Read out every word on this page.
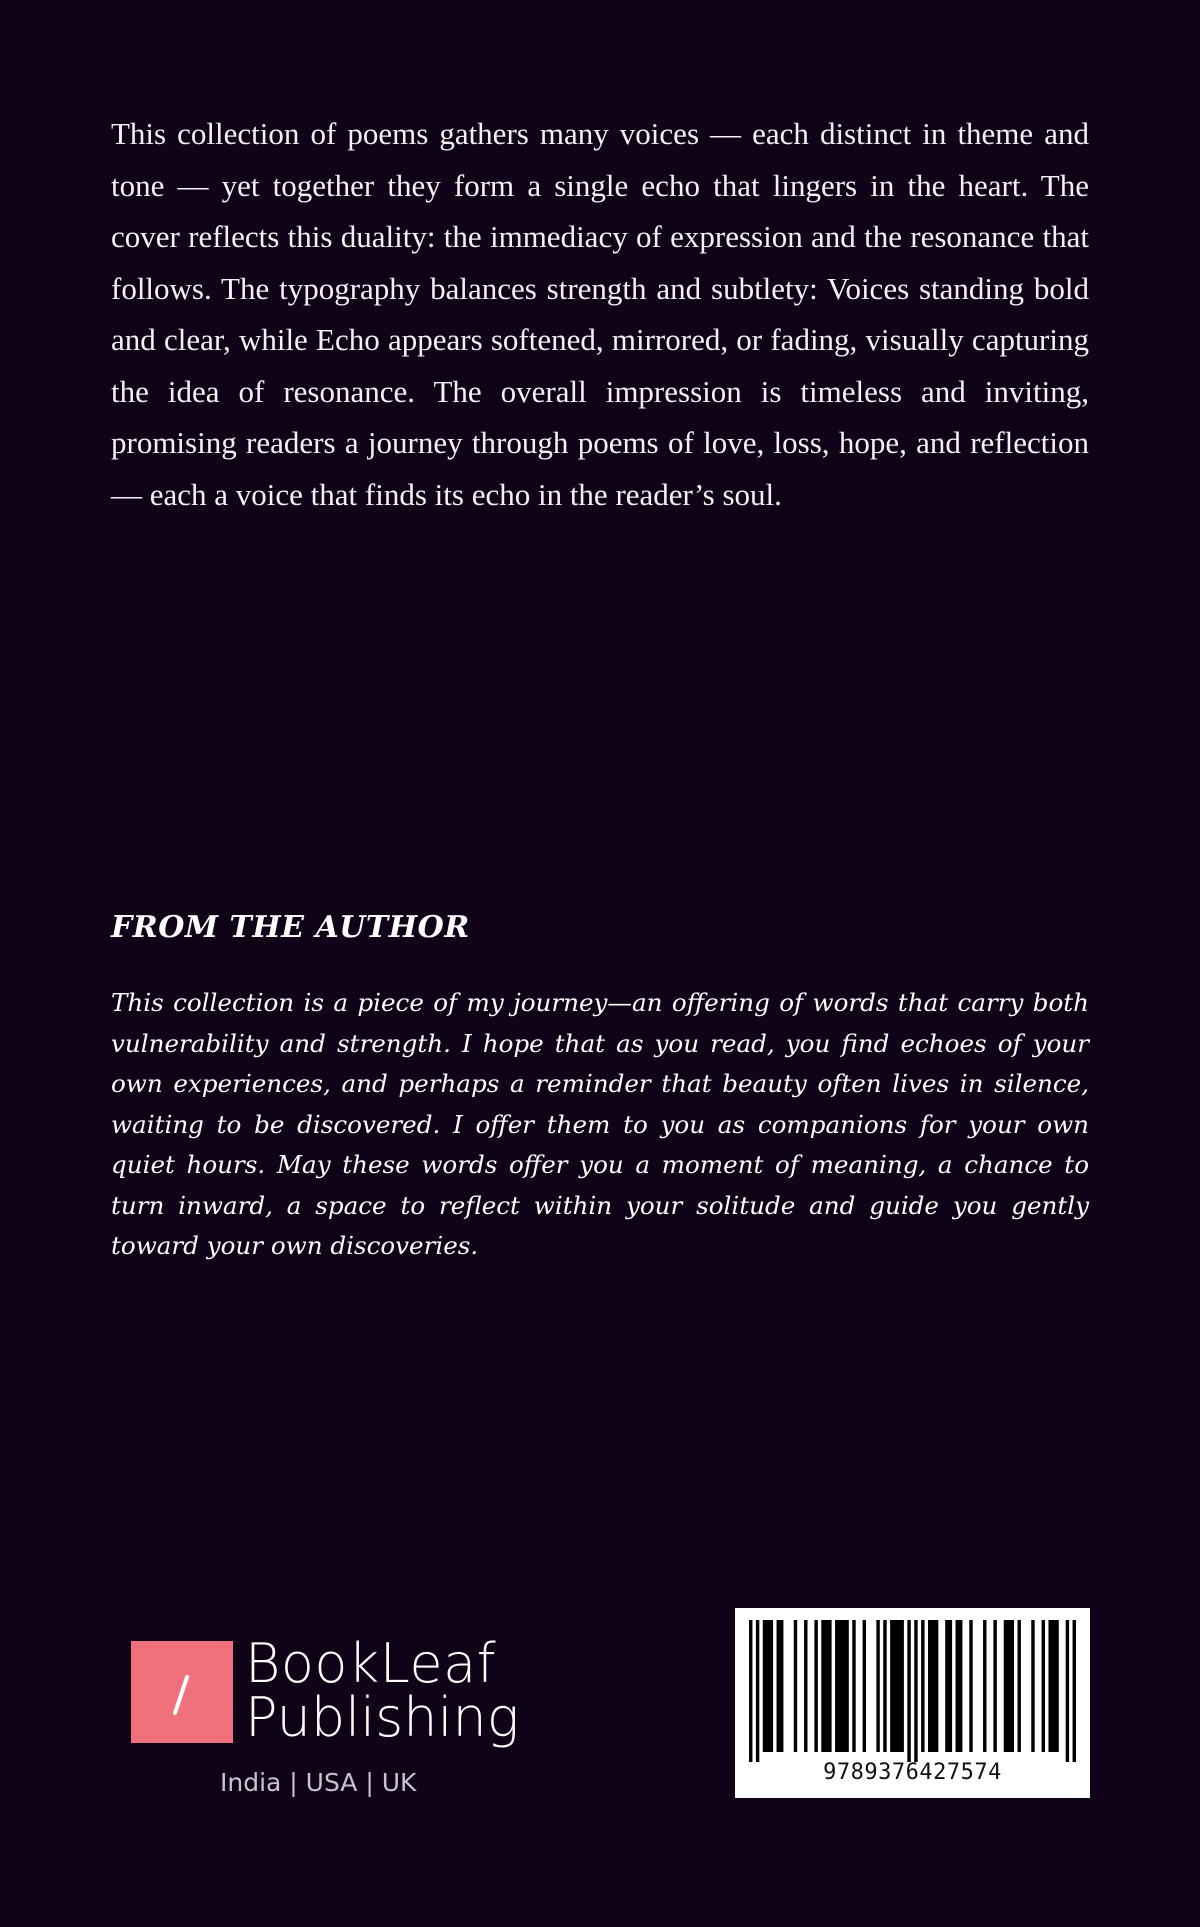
This collection of poems gathers many voices — each distinct in theme and tone — yet together they form a single echo that lingers in the heart. The cover reflects this duality: the immediacy of expression and the resonance that follows. The typography balances strength and subtlety: Voices standing bold and clear, while Echo appears softened, mirrored, or fading, visually capturing the idea of resonance. The overall impression is timeless and inviting, promising readers a journey through poems of love, loss, hope, and reflection — each a voice that finds its echo in the reader’s soul.

FROM THE AUTHOR

This collection is a piece of my journey—an offering of words that carry both vulnerability and strength. I hope that as you read, you find echoes of your own experiences, and perhaps a reminder that beauty often lives in silence, waiting to be discovered. I offer them to you as companions for your own quiet hours. May these words offer you a moment of meaning, a chance to turn inward, a space to reflect within your solitude and guide you gently toward your own discoveries.

BookLeaf
Publishing
India | USA | UK	9789376427574
